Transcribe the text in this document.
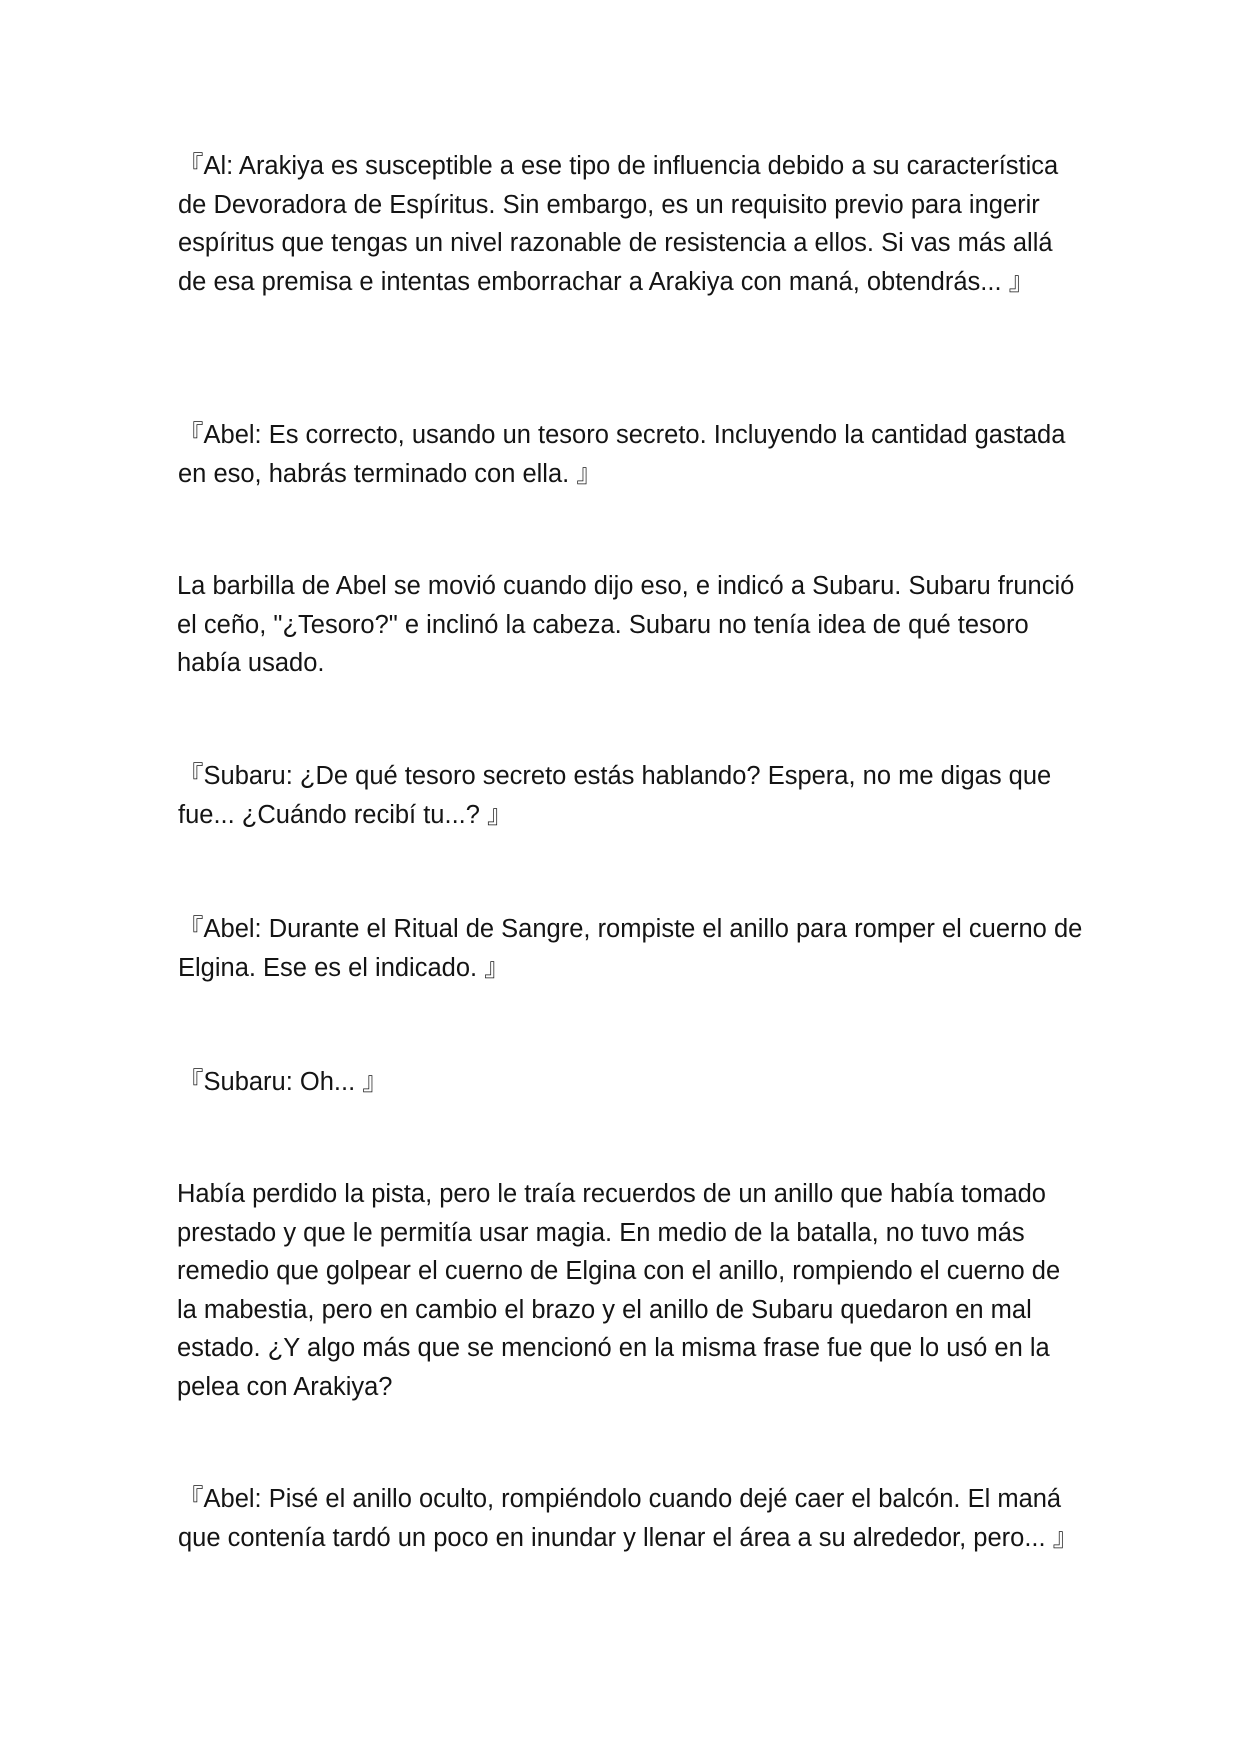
『Al: Arakiya es susceptible a ese tipo de influencia debido a su característica de Devoradora de Espíritus. Sin embargo, es un requisito previo para ingerir espíritus que tengas un nivel razonable de resistencia a ellos. Si vas más allá de esa premisa e intentas emborrachar a Arakiya con maná, obtendrás... 』

『Abel: Es correcto, usando un tesoro secreto. Incluyendo la cantidad gastada en eso, habrás terminado con ella. 』

La barbilla de Abel se movió cuando dijo eso, e indicó a Subaru. Subaru frunció el ceño, "¿Tesoro?" e inclinó la cabeza. Subaru no tenía idea de qué tesoro había usado.

『Subaru: ¿De qué tesoro secreto estás hablando? Espera, no me digas que fue... ¿Cuándo recibí tu...? 』

『Abel: Durante el Ritual de Sangre, rompiste el anillo para romper el cuerno de Elgina. Ese es el indicado. 』

『Subaru: Oh... 』

Había perdido la pista, pero le traía recuerdos de un anillo que había tomado prestado y que le permitía usar magia. En medio de la batalla, no tuvo más remedio que golpear el cuerno de Elgina con el anillo, rompiendo el cuerno de la mabestia, pero en cambio el brazo y el anillo de Subaru quedaron en mal estado. ¿Y algo más que se mencionó en la misma frase fue que lo usó en la pelea con Arakiya?

『Abel: Pisé el anillo oculto, rompiéndolo cuando dejé caer el balcón. El maná que contenía tardó un poco en inundar y llenar el área a su alrededor, pero... 』
